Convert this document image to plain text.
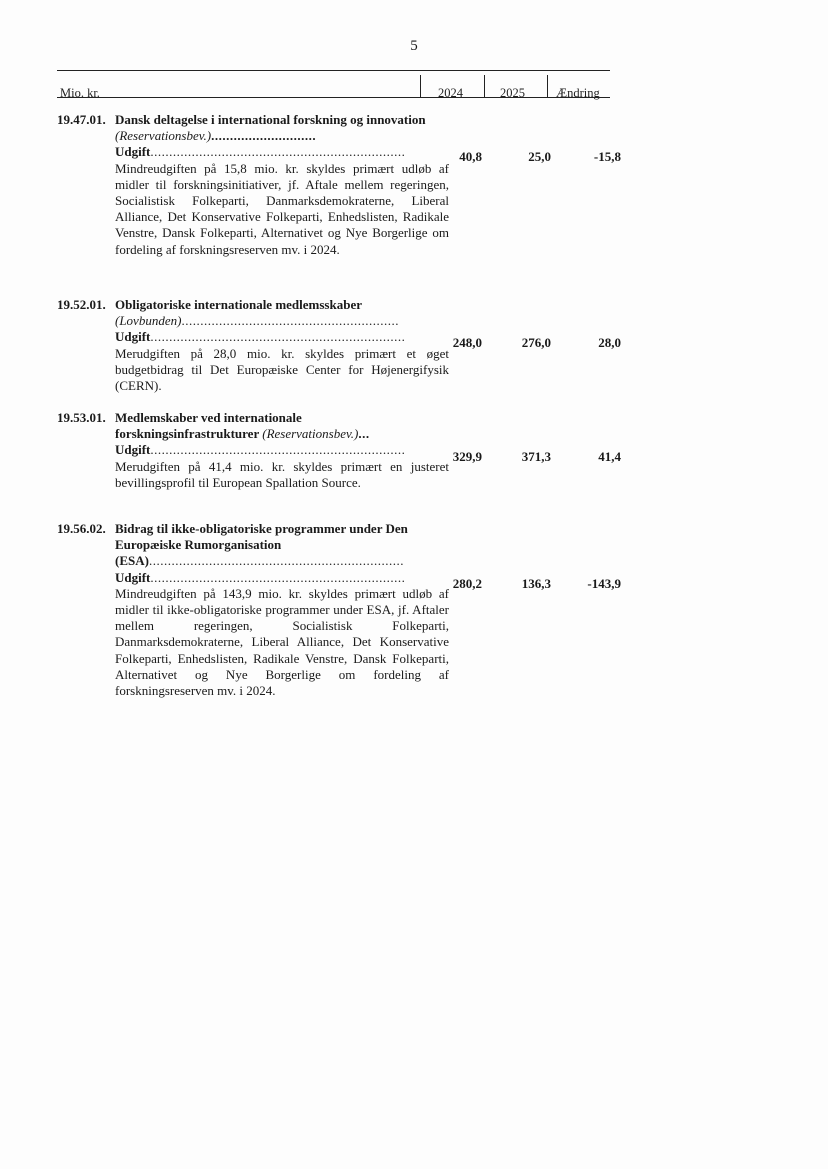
5
Mio. kr.	2024	2025 Ændring
19.47.01. Dansk deltagelse i international forskning og innovation (Reservationsbev.)............................
Udgift....................................................................
Mindreudgiften på 15,8 mio. kr. skyldes primært udløb af midler til forskningsinitiativer, jf. Aftale mellem regeringen, Socialistisk Folkeparti, Danmarksdemokraterne, Liberal Alliance, Det Konservative Folkeparti, Enhedslisten, Radikale Venstre, Dansk Folkeparti, Alternativet og Nye Borgerlige om fordeling af forskningsreserven mv. i 2024.
40,8	25,0	-15,8
19.52.01. Obligatoriske internationale medlemsskaber
(Lovbunden)..........................................................
Udgift....................................................................
Merudgiften på 28,0 mio. kr. skyldes primært et øget budgetbidrag til Det Europæiske Center for Højenergifysik (CERN).
248,0	276,0	28,0
19.53.01. Medlemskaber ved internationale forskningsinfrastrukturer (Reservationsbev.)...
Udgift....................................................................
Merudgiften på 41,4 mio. kr. skyldes primært en justeret bevillingsprofil til European Spallation Source.
329,9	371,3	41,4
19.56.02. Bidrag til ikke-obligatoriske programmer under Den Europæiske Rumorganisation (ESA)....................................................................
Udgift....................................................................
Mindreudgiften på 143,9 mio. kr. skyldes primært udløb af midler til ikke-obligatoriske programmer under ESA, jf. Aftaler mellem regeringen, Socialistisk Folkeparti, Danmarksdemokraterne, Liberal Alliance, Det Konservative Folkeparti, Enhedslisten, Radikale Venstre, Dansk Folkeparti, Alternativet og Nye Borgerlige om fordeling af forskningsreserven mv. i 2024.
280,2	136,3	-143,9
